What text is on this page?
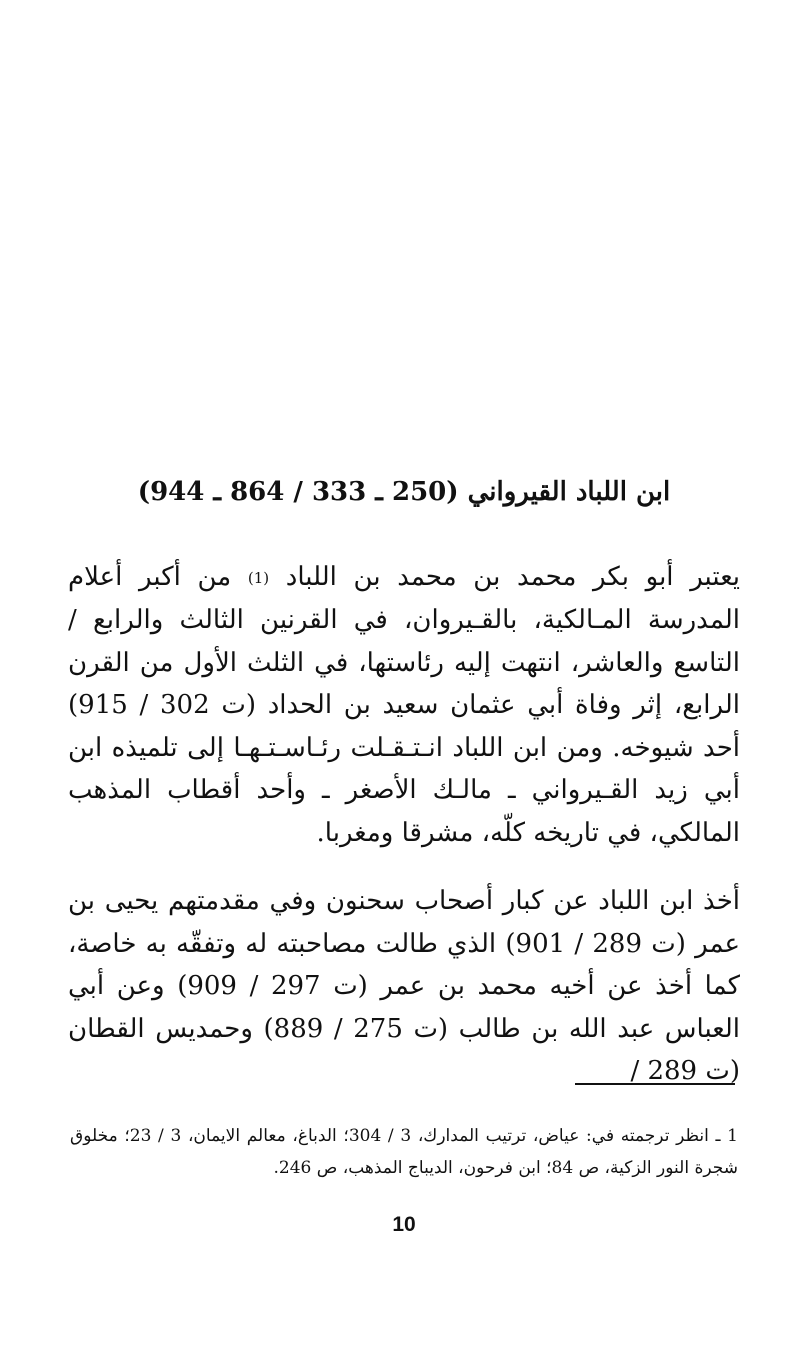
ابن اللباد القيرواني (250 ـ 333 / 864 ـ 944)

يعتبر أبو بكر محمد بن محمد بن اللباد (1) من أكبر أعلام المدرسة المـالكية، بالقـيروان، في القرنين الثالث والرابع / التاسع والعاشر، انتهت إليه رئاستها، في الثلث الأول من القرن الرابع، إثر وفاة أبي عثمان سعيد بن الحداد (ت 302 / 915) أحد شيوخه. ومن ابن اللباد انـتـقـلت رئـاسـتـهـا إلى تلميذه ابن أبي زيد القـيرواني ـ مالـك الأصغر ـ وأحد أقطاب المذهب المالكي، في تاريخه كلّه، مشرقا ومغربا.

أخذ ابن اللباد عن كبار أصحاب سحنون وفي مقدمتهم يحيى بن عمر (ت 289 / 901) الذي طالت مصاحبته له وتفقّه به خاصة، كما أخذ عن أخيه محمد بن عمر (ت 297 / 909) وعن أبي العباس عبد الله بن طالب (ت 275 / 889) وحمديس القطان (ت 289 /

1 ـ انظر ترجمته في: عياض، ترتيب المدارك، 3 / 304؛ الدباغ، معالم الايمان، 3 / 23؛ مخلوق شجرة النور الزكية، ص 84؛ ابن فرحون، الديباج المذهب، ص 246.

10
